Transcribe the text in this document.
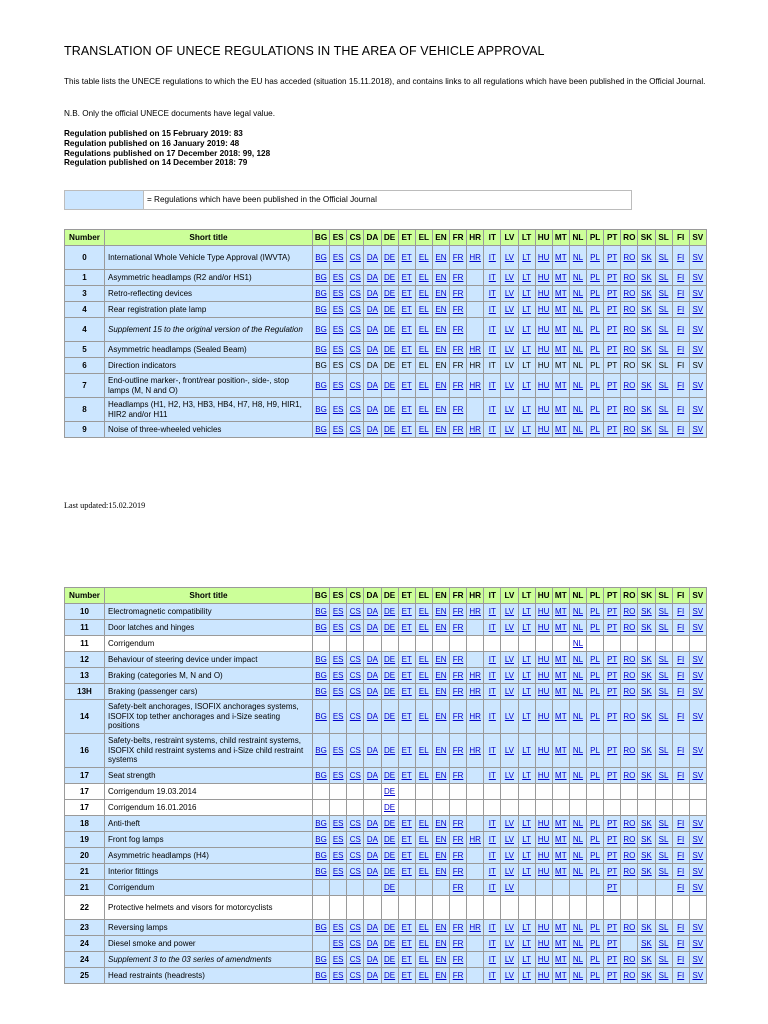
TRANSLATION OF UNECE REGULATIONS IN THE AREA OF VEHICLE APPROVAL
This table lists the UNECE regulations to which the EU has acceded (situation 15.11.2018), and contains links to all regulations which have been published in the Official Journal.
N.B. Only the official UNECE documents have legal value.
Regulation published on 15 February 2019: 83
Regulation published on 16 January 2019: 48
Regulations published on 17 December 2018: 99, 128
Regulation published on 14 December 2018: 79
= Regulations which have been published in the Official Journal
Number	Short title	BG	ES	CS	DA	DE	ET	EL	EN	FR	HR	IT	LV	LT	HU	MT	NL	PL	PT	RO	SK	SL	FI	SV
0	International Whole Vehicle Type Approval (IWVTA)	BG	ES	CS	DA	DE	ET	EL	EN	FR	HR	IT	LV	LT	HU	MT	NL	PL	PT	RO	SK	SL	FI	SV
1	Asymmetric headlamps (R2 and/or HS1)	BG	ES	CS	DA	DE	ET	EL	EN	FR		IT	LV	LT	HU	MT	NL	PL	PT	RO	SK	SL	FI	SV
3	Retro-reflecting devices	BG	ES	CS	DA	DE	ET	EL	EN	FR		IT	LV	LT	HU	MT	NL	PL	PT	RO	SK	SL	FI	SV
4	Rear registration plate lamp	BG	ES	CS	DA	DE	ET	EL	EN	FR		IT	LV	LT	HU	MT	NL	PL	PT	RO	SK	SL	FI	SV
4	Supplement 15 to the original version of the Regulation	BG	ES	CS	DA	DE	ET	EL	EN	FR		IT	LV	LT	HU	MT	NL	PL	PT	RO	SK	SL	FI	SV
5	Asymmetric headlamps (Sealed Beam)	BG	ES	CS	DA	DE	ET	EL	EN	FR	HR	IT	LV	LT	HU	MT	NL	PL	PT	RO	SK	SL	FI	SV
6	Direction indicators	BG	ES	CS	DA	DE	ET	EL	EN	FR	HR	IT	LV	LT	HU	MT	NL	PL	PT	RO	SK	SL	FI	SV
7	End-outline marker-, front/rear position-, side-, stop lamps (M, N and O)	BG	ES	CS	DA	DE	ET	EL	EN	FR	HR	IT	LV	LT	HU	MT	NL	PL	PT	RO	SK	SL	FI	SV
8	Headlamps (H1, H2, H3, HB3, HB4, H7, H8, H9, HIR1, HIR2 and/or H11	BG	ES	CS	DA	DE	ET	EL	EN	FR		IT	LV	LT	HU	MT	NL	PL	PT	RO	SK	SL	FI	SV
9	Noise of three-wheeled vehicles	BG	ES	CS	DA	DE	ET	EL	EN	FR	HR	IT	LV	LT	HU	MT	NL	PL	PT	RO	SK	SL	FI	SV
Last updated:15.02.2019
Number	Short title	BG	ES	CS	DA	DE	ET	EL	EN	FR	HR	IT	LV	LT	HU	MT	NL	PL	PT	RO	SK	SL	FI	SV
10	Electromagnetic compatibility	BG	ES	CS	DA	DE	ET	EL	EN	FR	HR	IT	LV	LT	HU	MT	NL	PL	PT	RO	SK	SL	FI	SV
11	Door latches and hinges	BG	ES	CS	DA	DE	ET	EL	EN	FR		IT	LV	LT	HU	MT	NL	PL	PT	RO	SK	SL	FI	SV
11	Corrigendum																NL							
12	Behaviour of steering device under impact	BG	ES	CS	DA	DE	ET	EL	EN	FR		IT	LV	LT	HU	MT	NL	PL	PT	RO	SK	SL	FI	SV
13	Braking (categories M, N and O)	BG	ES	CS	DA	DE	ET	EL	EN	FR	HR	IT	LV	LT	HU	MT	NL	PL	PT	RO	SK	SL	FI	SV
13H	Braking (passenger cars)	BG	ES	CS	DA	DE	ET	EL	EN	FR	HR	IT	LV	LT	HU	MT	NL	PL	PT	RO	SK	SL	FI	SV
14	Safety-belt anchorages, ISOFIX anchorages systems, ISOFIX top tether anchorages and i-Size seating positions	BG	ES	CS	DA	DE	ET	EL	EN	FR	HR	IT	LV	LT	HU	MT	NL	PL	PT	RO	SK	SL	FI	SV
16	Safety-belts, restraint systems, child restraint systems, ISOFIX child restraint systems and i-Size child restraint systems	BG	ES	CS	DA	DE	ET	EL	EN	FR	HR	IT	LV	LT	HU	MT	NL	PL	PT	RO	SK	SL	FI	SV
17	Seat strength	BG	ES	CS	DA	DE	ET	EL	EN	FR		IT	LV	LT	HU	MT	NL	PL	PT	RO	SK	SL	FI	SV
17	Corrigendum 19.03.2014					DE																		
17	Corrigendum 16.01.2016					DE																		
18	Anti-theft	BG	ES	CS	DA	DE	ET	EL	EN	FR		IT	LV	LT	HU	MT	NL	PL	PT	RO	SK	SL	FI	SV
19	Front fog lamps	BG	ES	CS	DA	DE	ET	EL	EN	FR	HR	IT	LV	LT	HU	MT	NL	PL	PT	RO	SK	SL	FI	SV
20	Asymmetric headlamps (H4)	BG	ES	CS	DA	DE	ET	EL	EN	FR		IT	LV	LT	HU	MT	NL	PL	PT	RO	SK	SL	FI	SV
21	Interior fittings	BG	ES	CS	DA	DE	ET	EL	EN	FR		IT	LV	LT	HU	MT	NL	PL	PT	RO	SK	SL	FI	SV
21	Corrigendum					DE				FR		IT	LV						PT				FI	SV
22	Protective helmets and visors for motorcyclists																							
23	Reversing lamps	BG	ES	CS	DA	DE	ET	EL	EN	FR	HR	IT	LV	LT	HU	MT	NL	PL	PT	RO	SK	SL	FI	SV
24	Diesel smoke and power		ES	CS	DA	DE	ET	EL	EN	FR		IT	LV	LT	HU	MT	NL	PL	PT		SK	SL	FI	SV
24	Supplement 3 to the 03 series of amendments	BG	ES	CS	DA	DE	ET	EL	EN	FR		IT	LV	LT	HU	MT	NL	PL	PT	RO	SK	SL	FI	SV
25	Head restraints (headrests)	BG	ES	CS	DA	DE	ET	EL	EN	FR		IT	LV	LT	HU	MT	NL	PL	PT	RO	SK	SL	FI	SV
